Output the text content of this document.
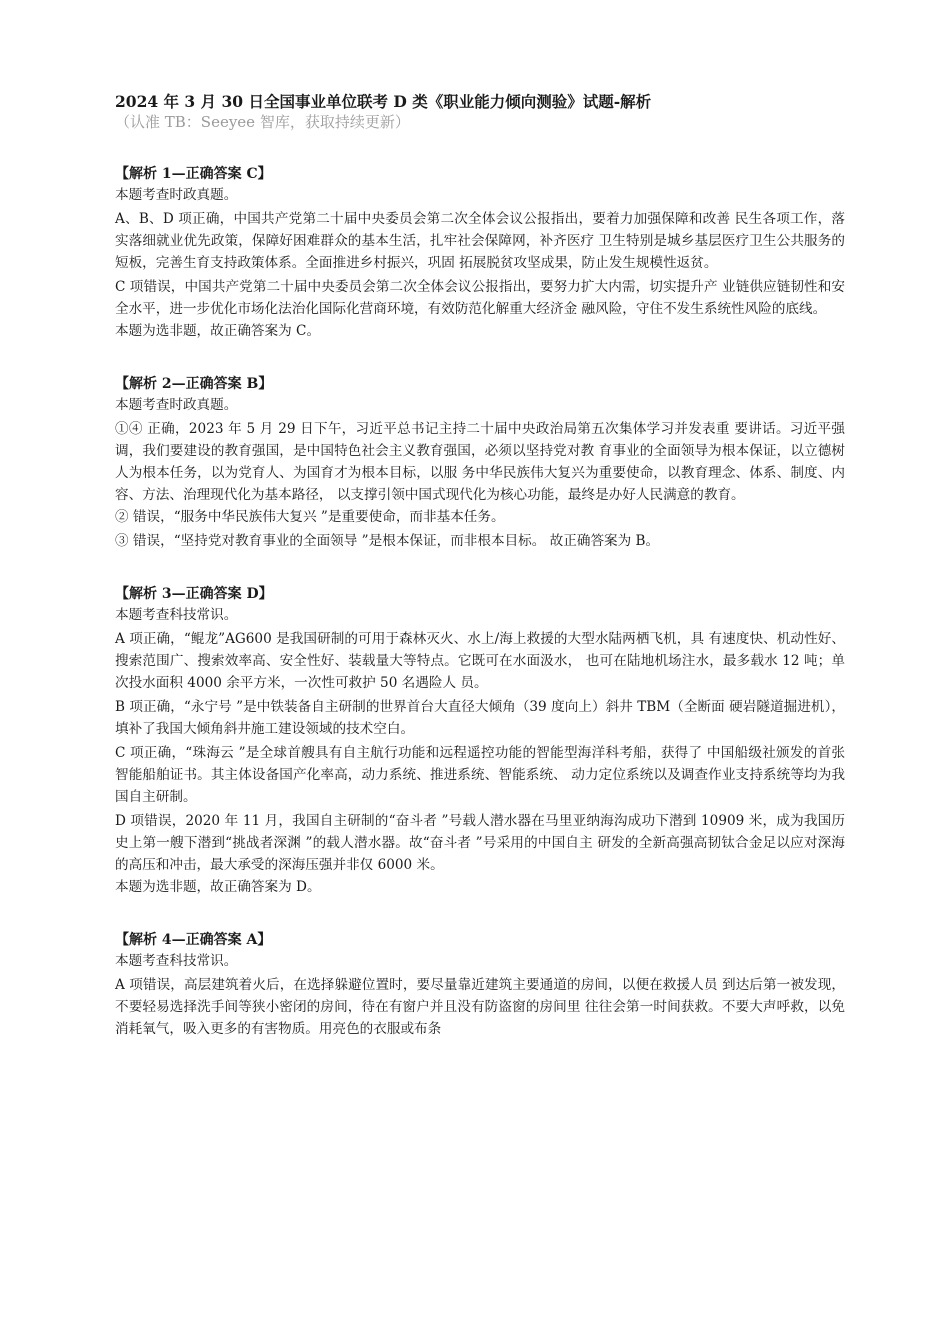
2024 年 3 月 30 日全国事业单位联考 D 类《职业能力倾向测验》试题-解析
（认准 TB：Seeyee 智库，获取持续更新）
【解析 1—正确答案 C】

本题考查时政真题。

A、B、D 项正确，中国共产党第二十届中央委员会第二次全体会议公报指出，要着力加强保障和改善 民生各项工作，落实落细就业优先政策，保障好困难群众的基本生活，扎牢社会保障网，补齐医疗 卫生特别是城乡基层医疗卫生公共服务的短板，完善生育支持政策体系。全面推进乡村振兴，巩固 拓展脱贫攻坚成果，防止发生规模性返贫。

C 项错误，中国共产党第二十届中央委员会第二次全体会议公报指出，要努力扩大内需，切实提升产 业链供应链韧性和安全水平，进一步优化市场化法治化国际化营商环境，有效防范化解重大经济金 融风险，守住不发生系统性风险的底线。

本题为选非题，故正确答案为 C。

【解析 2—正确答案 B】

本题考查时政真题。

①④ 正确，2023 年 5 月 29 日下午，习近平总书记主持二十届中央政治局第五次集体学习并发表重 要讲话。习近平强调，我们要建设的教育强国，是中国特色社会主义教育强国，必须以坚持党对教 育事业的全面领导为根本保证，以立德树人为根本任务，以为党育人、为国育才为根本目标，以服 务中华民族伟大复兴为重要使命，以教育理念、体系、制度、内容、方法、治理现代化为基本路径， 以支撑引领中国式现代化为核心功能，最终是办好人民满意的教育。

② 错误，“服务中华民族伟大复兴 ”是重要使命，而非基本任务。

③ 错误，“坚持党对教育事业的全面领导 ”是根本保证，而非根本目标。 故正确答案为 B。

【解析 3—正确答案 D】

本题考查科技常识。

A 项正确，“鲲龙”AG600 是我国研制的可用于森林灭火、水上/海上救援的大型水陆两栖飞机，具 有速度快、机动性好、搜索范围广、搜索效率高、安全性好、装载量大等特点。它既可在水面汲水， 也可在陆地机场注水，最多载水 12 吨；单次投水面积 4000 余平方米，一次性可救护 50 名遇险人 员。

B 项正确，“永宁号 ”是中铁装备自主研制的世界首台大直径大倾角（39 度向上）斜井 TBM（全断面 硬岩隧道掘进机），填补了我国大倾角斜井施工建设领域的技术空白。

C 项正确，“珠海云 ”是全球首艘具有自主航行功能和远程遥控功能的智能型海洋科考船，获得了 中国船级社颁发的首张智能船舶证书。其主体设备国产化率高，动力系统、推进系统、智能系统、 动力定位系统以及调查作业支持系统等均为我国自主研制。

D 项错误，2020 年 11 月，我国自主研制的“奋斗者 ”号载人潜水器在马里亚纳海沟成功下潜到 10909 米，成为我国历史上第一艘下潜到“挑战者深渊 ”的载人潜水器。故“奋斗者 ”号采用的中国自主 研发的全新高强高韧钛合金足以应对深海的高压和冲击，最大承受的深海压强并非仅 6000 米。

本题为选非题，故正确答案为 D。

【解析 4—正确答案 A】

本题考查科技常识。

A 项错误，高层建筑着火后，在选择躲避位置时，要尽量靠近建筑主要通道的房间，以便在救援人员 到达后第一被发现，不要轻易选择洗手间等狭小密闭的房间，待在有窗户并且没有防盗窗的房间里 往往会第一时间获救。不要大声呼救，以免消耗氧气，吸入更多的有害物质。用亮色的衣服或布条
